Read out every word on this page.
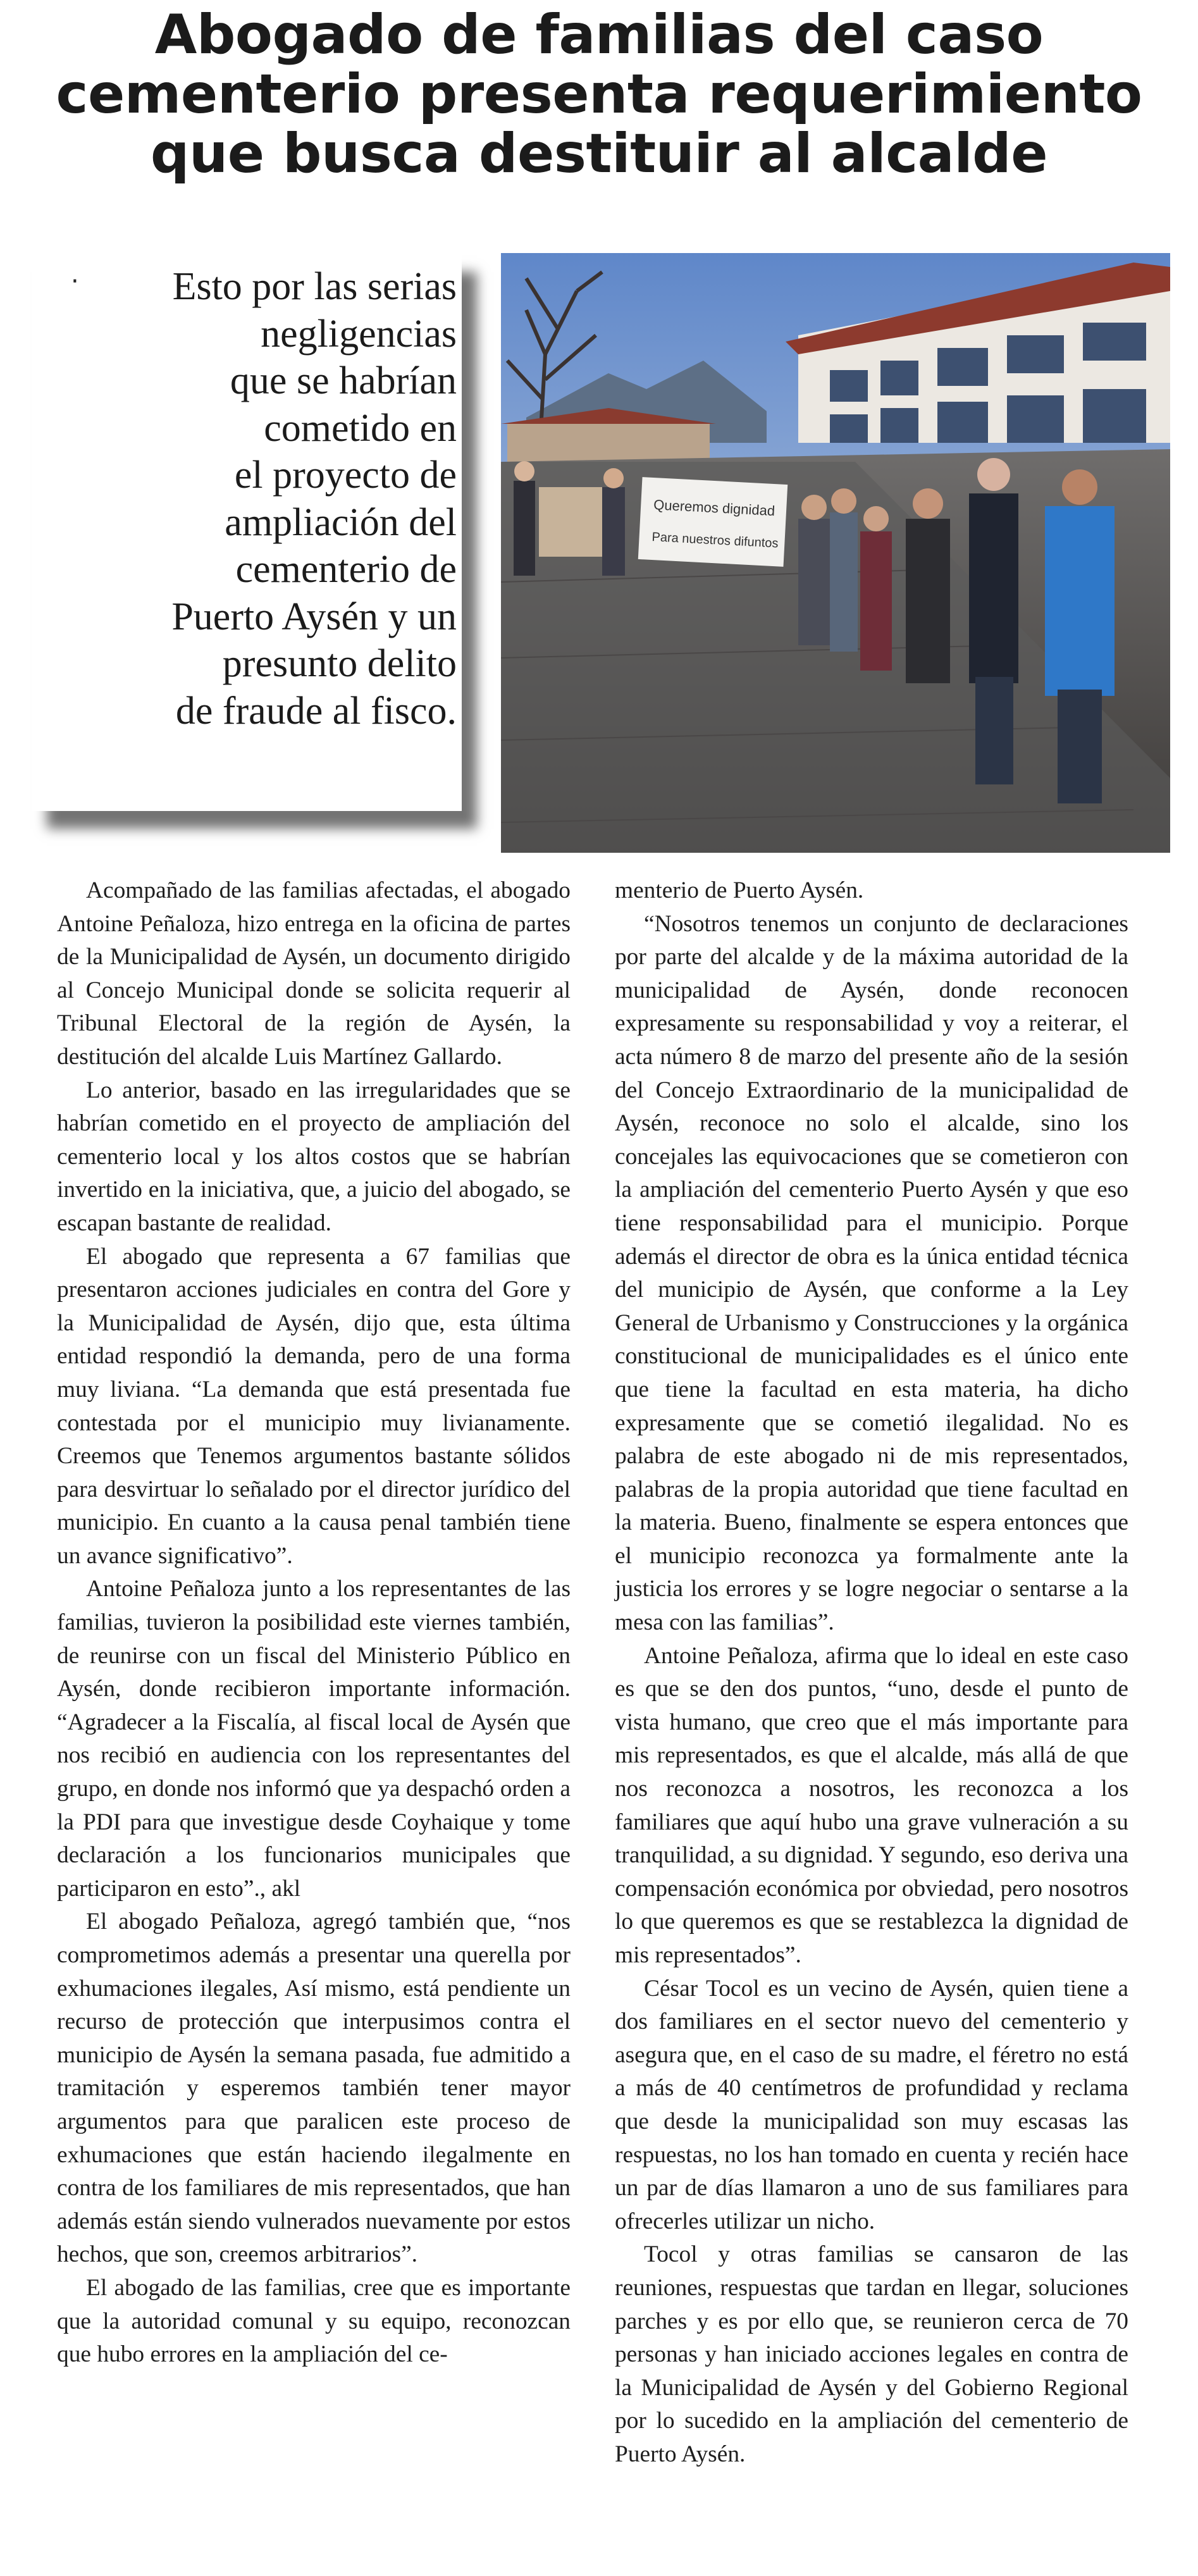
Abogado de familias del caso
cementerio presenta requerimiento
que busca destituir al alcalde
·	Esto por las serias
negligencias
que se habrían
cometido en
el proyecto de
ampliación del
cementerio de
Puerto Aysén y un
presunto delito
de fraude al fisco.

Queremos dignidad
Para nuestros difuntos

Acompañado de las familias afectadas, el abogado Antoine Peñaloza, hizo entrega en la oficina de partes de la Municipalidad de Aysén, un documento dirigido al Concejo Municipal donde se solicita requerir al Tribunal Electoral de la región de Aysén, la destitución del alcalde Luis Martínez Gallardo.

Lo anterior, basado en las irregularidades que se habrían cometido en el proyecto de ampliación del cementerio local y los altos costos que se habrían invertido en la iniciativa, que, a juicio del abogado, se escapan bastante de realidad.

El abogado que representa a 67 familias que presentaron acciones judiciales en contra del Gore y la Municipalidad de Aysén, dijo que, esta última entidad respondió la demanda, pero de una forma muy liviana. “La demanda que está presentada fue contestada por el municipio muy livianamente. Creemos que Tenemos argumentos bastante sólidos para desvirtuar lo señalado por el director jurídico del municipio. En cuanto a la causa penal también tiene un avance significativo”.

Antoine Peñaloza junto a los representantes de las familias, tuvieron la posibilidad este viernes también, de reunirse con un fiscal del Ministerio Público en Aysén, donde recibieron importante información. “Agradecer a la Fiscalía, al fiscal local de Aysén que nos recibió en audiencia con los representantes del grupo, en donde nos informó que ya despachó orden a la PDI para que investigue desde Coyhaique y tome declaración a los funcionarios municipales que participaron en esto”., akl

El abogado Peñaloza, agregó también que, “nos comprometimos además a presentar una querella por exhumaciones ilegales, Así mismo, está pendiente un recurso de protección que interpusimos contra el municipio de Aysén la semana pasada, fue admitido a tramitación y esperemos también tener mayor argumentos para que paralicen este proceso de exhumaciones que están haciendo ilegalmente en contra de los familiares de mis representados, que han además están siendo vulnerados nuevamente por estos hechos, que son, creemos arbitrarios”.

El abogado de las familias, cree que es importante que la autoridad comunal y su equipo, reconozcan que hubo errores en la ampliación del ce-

menterio de Puerto Aysén.

“Nosotros tenemos un conjunto de declaraciones por parte del alcalde y de la máxima autoridad de la municipalidad de Aysén, donde reconocen expresamente su responsabilidad y voy a reiterar, el acta número 8 de marzo del presente año de la sesión del Concejo Extraordinario de la municipalidad de Aysén, reconoce no solo el alcalde, sino los concejales las equivocaciones que se cometieron con la ampliación del cementerio Puerto Aysén y que eso tiene responsabilidad para el municipio. Porque además el director de obra es la única entidad técnica del municipio de Aysén, que conforme a la Ley General de Urbanismo y Construcciones y la orgánica constitucional de municipalidades es el único ente que tiene la facultad en esta materia, ha dicho expresamente que se cometió ilegalidad. No es palabra de este abogado ni de mis representados, palabras de la propia autoridad que tiene facultad en la materia. Bueno, finalmente se espera entonces que el municipio reconozca ya formalmente ante la justicia los errores y se logre negociar o sentarse a la mesa con las familias”.

Antoine Peñaloza, afirma que lo ideal en este caso es que se den dos puntos, “uno, desde el punto de vista humano, que creo que el más importante para mis representados, es que el alcalde, más allá de que nos reconozca a nosotros, les reconozca a los familiares que aquí hubo una grave vulneración a su tranquilidad, a su dignidad. Y segundo, eso deriva una compensación económica por obviedad, pero nosotros lo que queremos es que se restablezca la dignidad de mis representados”.

César Tocol es un vecino de Aysén, quien tiene a dos familiares en el sector nuevo del cementerio y asegura que, en el caso de su madre, el féretro no está a más de 40 centímetros de profundidad y reclama que desde la municipalidad son muy escasas las respuestas, no los han tomado en cuenta y recién hace un par de días llamaron a uno de sus familiares para ofrecerles utilizar un nicho.

Tocol y otras familias se cansaron de las reuniones, respuestas que tardan en llegar, soluciones parches y es por ello que, se reunieron cerca de 70 personas y han iniciado acciones legales en contra de la Municipalidad de Aysén y del Gobierno Regional por lo sucedido en la ampliación del cementerio de Puerto Aysén.
